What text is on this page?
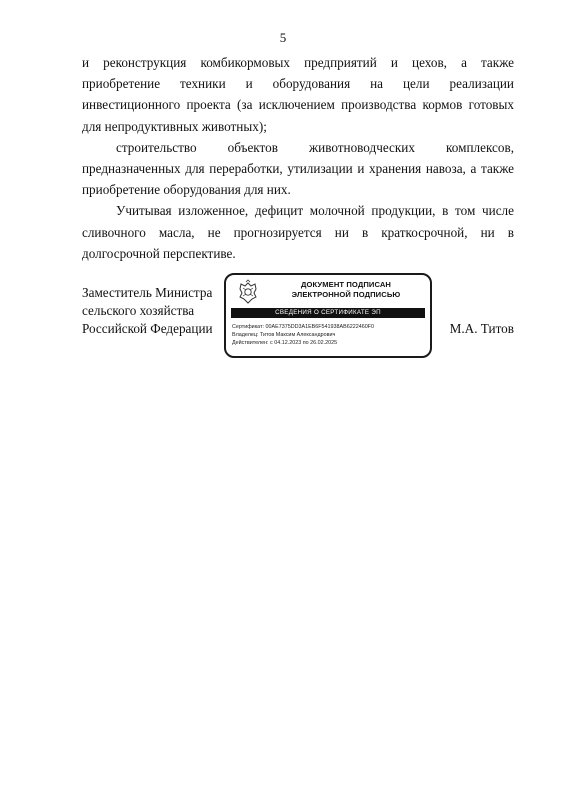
5

и реконструкция комбикормовых предприятий и цехов, а также приобретение техники и оборудования на цели реализации инвестиционного проекта (за исключением производства кормов готовых для непродуктивных животных);

строительство объектов животноводческих комплексов, предназначенных для переработки, утилизации и хранения навоза, а также приобретение оборудования для них.

Учитывая изложенное, дефицит молочной продукции, в том числе сливочного масла, не прогнозируется ни в краткосрочной, ни в долгосрочной перспективе.

Заместитель Министра
сельского хозяйства
Российской Федерации
ДОКУМЕНТ ПОДПИСАН
ЭЛЕКТРОННОЙ ПОДПИСЬЮ
СВЕДЕНИЯ О СЕРТИФИКАТЕ ЭП
Сертификат: 00AE7375DD3A1EB6F541938AB6222460F0
Владелец: Титов Максим Александрович
Действителен: с 04.12.2023 по 26.02.2025
М.А. Титов
